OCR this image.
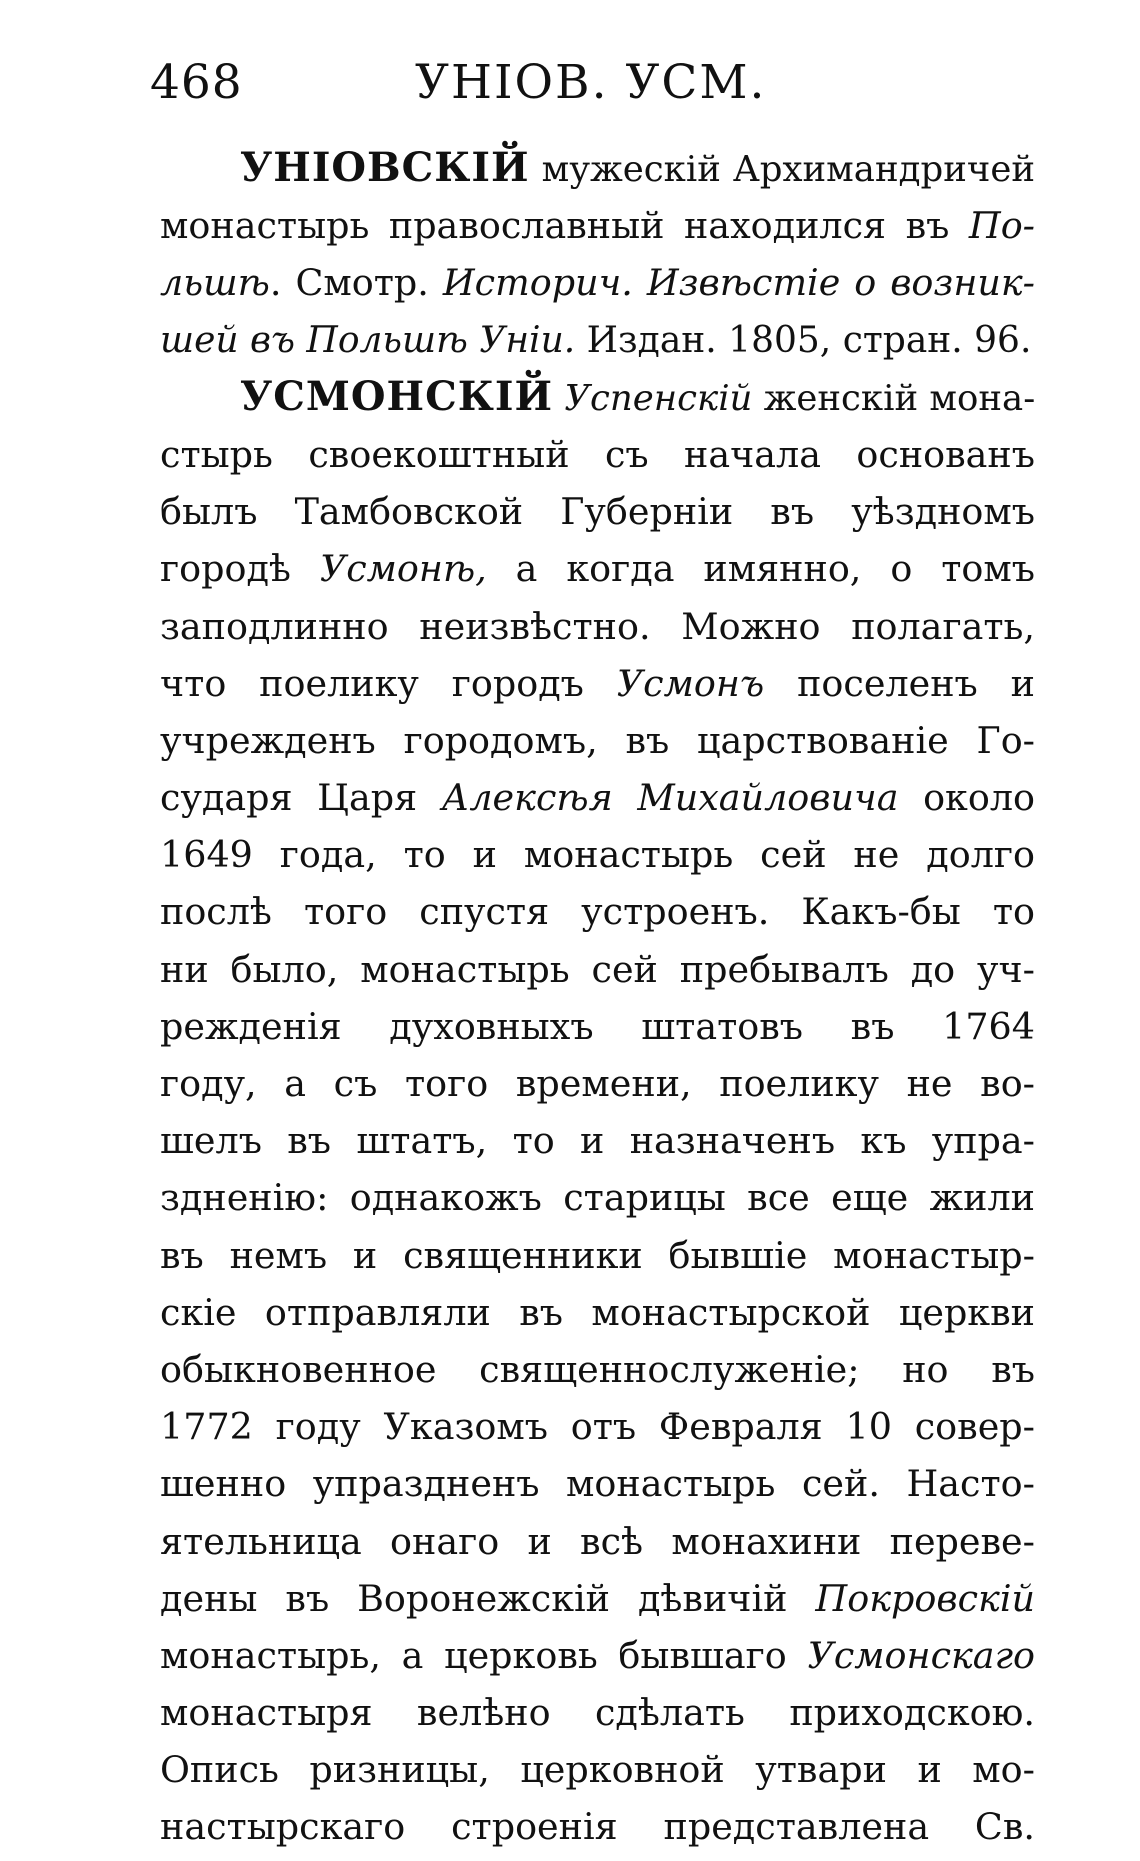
468	УНІОВ. УСМ.
УНІОВСКІЙ мужескій Архимандричей
монастырь православный находился въ По-
льшѣ. Смотр. Историч. Извѣстіе о возник-
шей въ Польшѣ Уніи. Издан. 1805, стран. 96.
УСМОНСКІЙ Успенскій женскій мона-
стырь своекоштный съ начала основанъ
былъ Тамбовской Губерніи въ уѣздномъ
городѣ Усмонѣ, а когда имянно, о томъ
заподлинно неизвѣстно. Можно полагать,
что поелику городъ Усмонъ поселенъ и
учрежденъ городомъ, въ царствованіе Го-
сударя Царя Алексѣя Михайловича около
1649 года, то и монастырь сей не долго
послѣ того спустя устроенъ. Какъ-бы то
ни было, монастырь сей пребывалъ до уч-
режденія духовныхъ штатовъ въ 1764
году, а съ того времени, поелику не во-
шелъ въ штатъ, то и назначенъ къ упра-
здненію: однакожъ старицы все еще жили
въ немъ и священники бывшіе монастыр-
скіе отправляли въ монастырской церкви
обыкновенное священнослуженіе; но въ
1772 году Указомъ отъ Февраля 10 совер-
шенно упраздненъ монастырь сей. Насто-
ятельница онаго и всѣ монахини переве-
дены въ Воронежскій дѣвичій Покровскій
монастырь, а церковь бывшаго Усмонскаго
монастыря велѣно сдѣлать приходскою.
Опись ризницы, церковной утвари и мо-
настырскаго строенія представлена Св.
